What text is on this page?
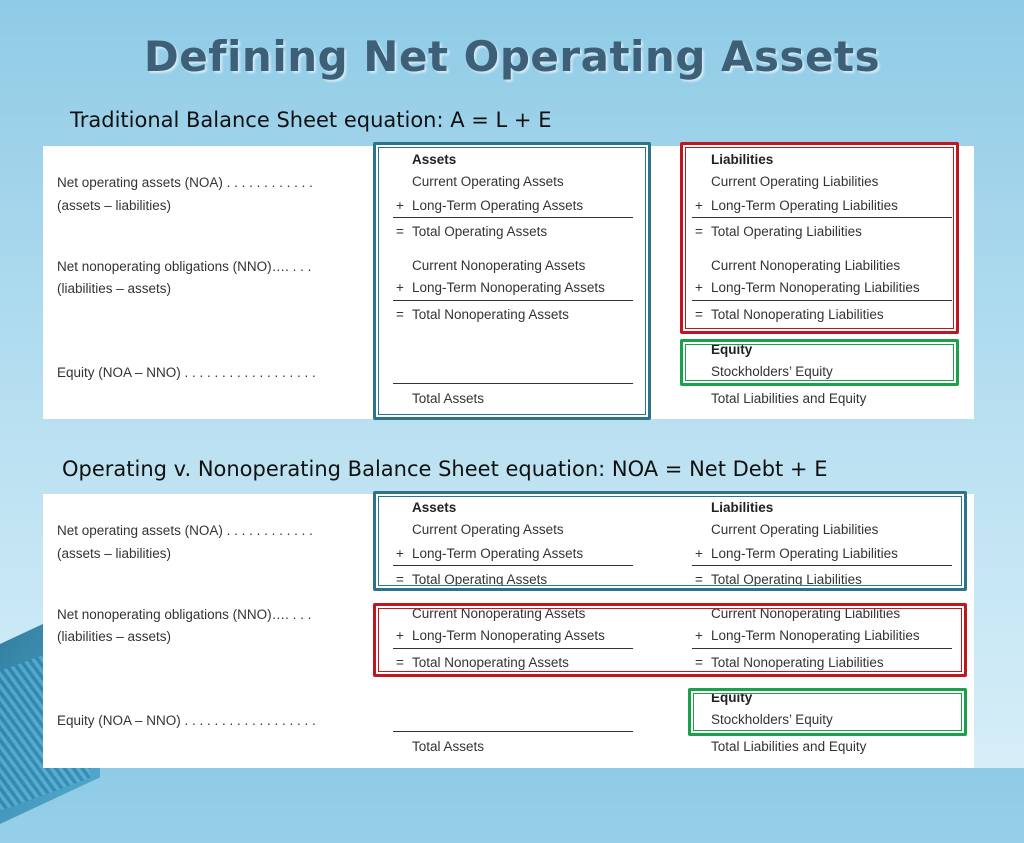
Defining Net Operating Assets
Traditional Balance Sheet equation: A = L + E
Operating v. Nonoperating Balance Sheet equation: NOA = Net Debt + E
Net operating assets (NOA) . . . . . . . . . . . .
(assets – liabilities)
Net nonoperating obligations (NNO)…. . . .
(liabilities – assets)
Equity (NOA – NNO) . . . . . . . . . . . . . . . . . .
Assets
Current Operating Assets
+ Long-Term Operating Assets
= Total Operating Assets
Current Nonoperating Assets
+ Long-Term Nonoperating Assets
= Total Nonoperating Assets
Total Assets
Liabilities
Current Operating Liabilities
+ Long-Term Operating Liabilities
= Total Operating Liabilities
Current Nonoperating Liabilities
+ Long-Term Nonoperating Liabilities
= Total Nonoperating Liabilities
Equity
Stockholders’ Equity
Total Liabilities and Equity
Net operating assets (NOA) . . . . . . . . . . . .
(assets – liabilities)
Net nonoperating obligations (NNO)…. . . .
(liabilities – assets)
Equity (NOA – NNO) . . . . . . . . . . . . . . . . . .
Assets
Current Operating Assets
+ Long-Term Operating Assets
= Total Operating Assets
Current Nonoperating Assets
+ Long-Term Nonoperating Assets
= Total Nonoperating Assets
Total Assets
Liabilities
Current Operating Liabilities
+ Long-Term Operating Liabilities
= Total Operating Liabilities
Current Nonoperating Liabilities
+ Long-Term Nonoperating Liabilities
= Total Nonoperating Liabilities
Equity
Stockholders’ Equity
Total Liabilities and Equity
